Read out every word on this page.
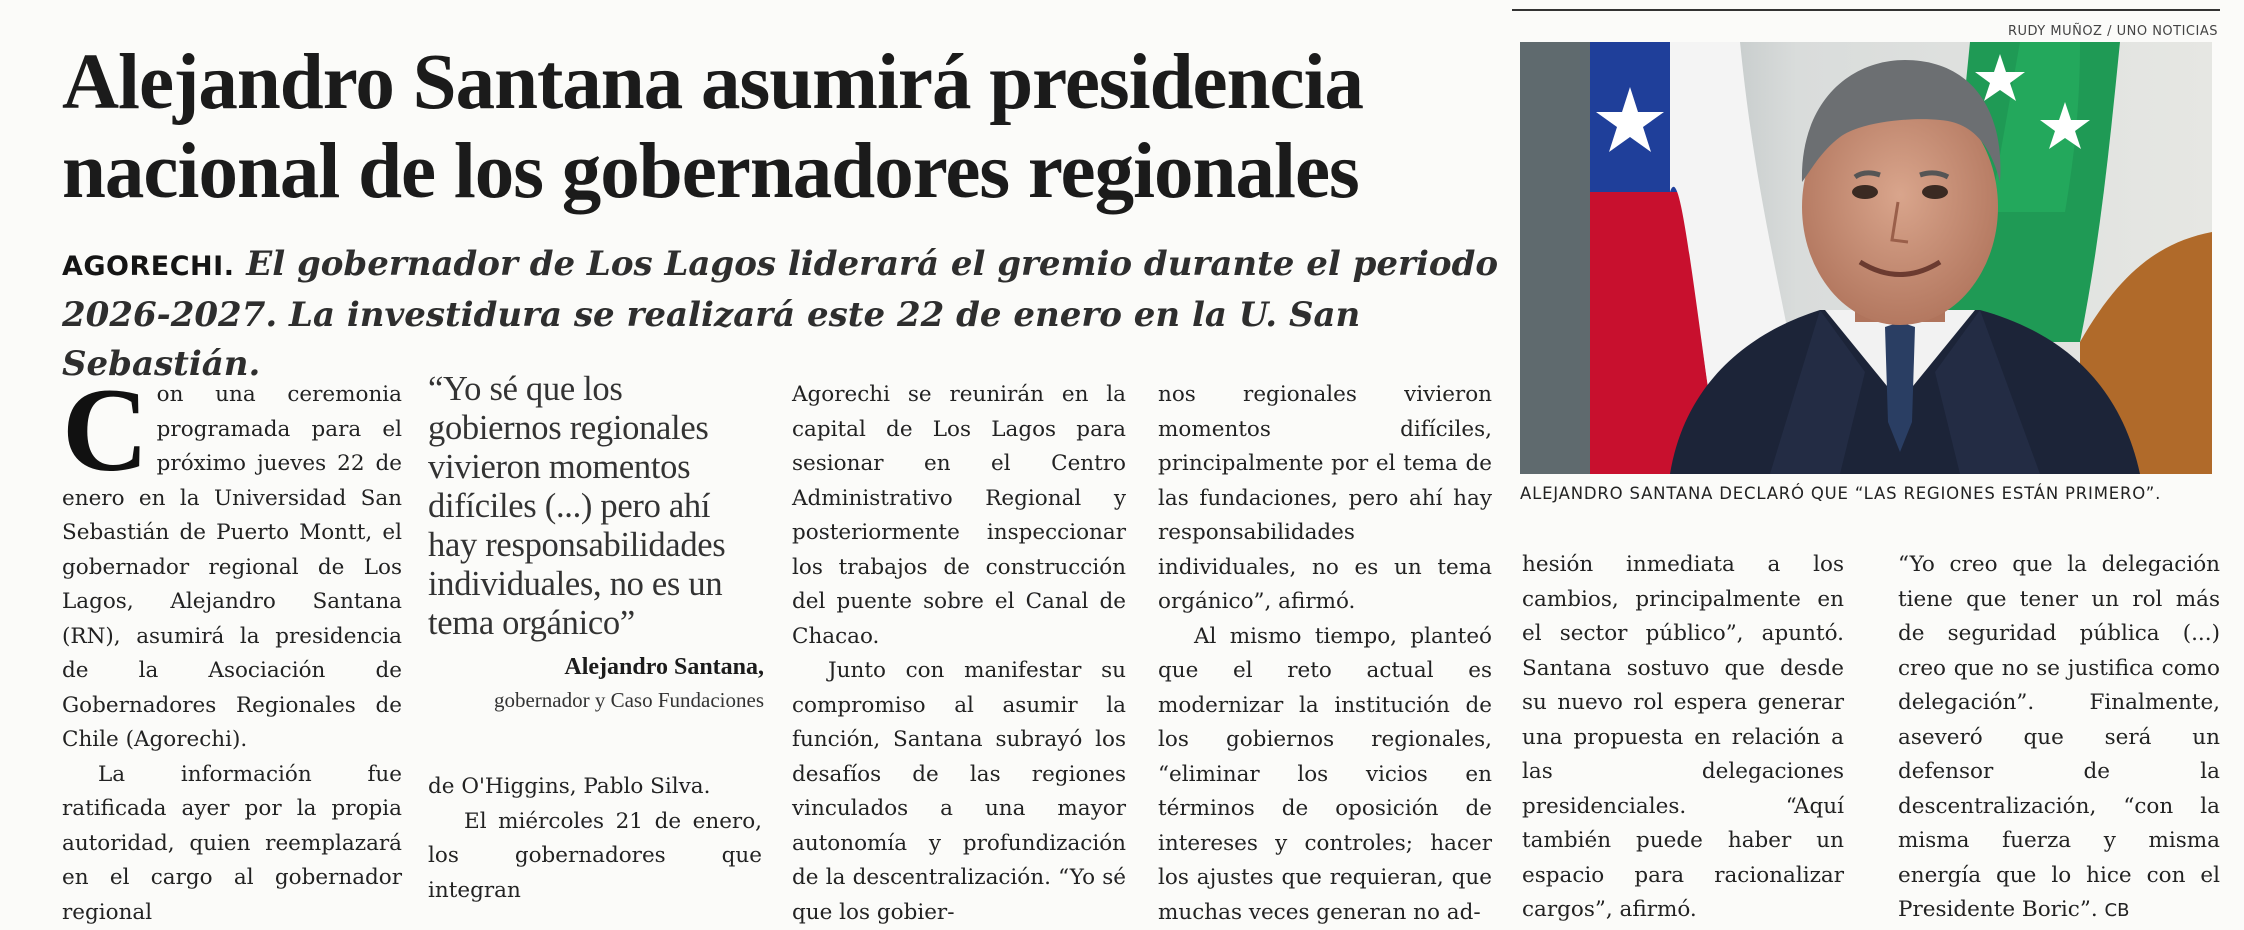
Alejandro Santana asumirá presidencia nacional de los gobernadores regionales

AGORECHI. El gobernador de Los Lagos liderará el gremio durante el periodo 2026-2027. La investidura se realizará este 22 de enero en la U. San Sebastián.

RUDY MUÑOZ / UNO NOTICIAS
ALEJANDRO SANTANA DECLARÓ QUE “LAS REGIONES ESTÁN PRIMERO”.
“Yo sé que los gobiernos regionales vivieron momentos difíciles (...) pero ahí hay responsabilidades individuales, no es un tema orgánico”
Alejandro Santana,
gobernador y Caso Fundaciones

Con una ceremonia programada para el próximo jueves 22 de enero en la Universidad San Sebastián de Puerto Montt, el gobernador regional de Los Lagos, Alejandro Santana (RN), asumirá la presidencia de la Asociación de Gobernadores Regionales de Chile (Agorechi).

La información fue ratificada ayer por la propia autoridad, quien reemplazará en el cargo al gobernador regional

de O'Higgins, Pablo Silva.

El miércoles 21 de enero, los gobernadores que integran

Agorechi se reunirán en la capital de Los Lagos para sesionar en el Centro Administrativo Regional y posteriormente inspeccionar los trabajos de construcción del puente sobre el Canal de Chacao.

Junto con manifestar su compromiso al asumir la función, Santana subrayó los desafíos de las regiones vinculados a una mayor autonomía y profundización de la descentralización. “Yo sé que los gobier-

nos regionales vivieron momentos difíciles, principalmente por el tema de las fundaciones, pero ahí hay responsabilidades individuales, no es un tema orgánico”, afirmó.

Al mismo tiempo, planteó que el reto actual es modernizar la institución de los gobiernos regionales, “eliminar los vicios en términos de oposición de intereses y controles; hacer los ajustes que requieran, que muchas veces generan no ad-

hesión inmediata a los cambios, principalmente en el sector público”, apuntó. Santana sostuvo que desde su nuevo rol espera generar una propuesta en relación a las delegaciones presidenciales. “Aquí también puede haber un espacio para racionalizar cargos”, afirmó.

“Yo creo que la delegación tiene que tener un rol más de seguridad pública (...) creo que no se justifica como delegación”. Finalmente, aseveró que será un defensor de la descentralización, “con la misma fuerza y misma energía que lo hice con el Presidente Boric”. CB
